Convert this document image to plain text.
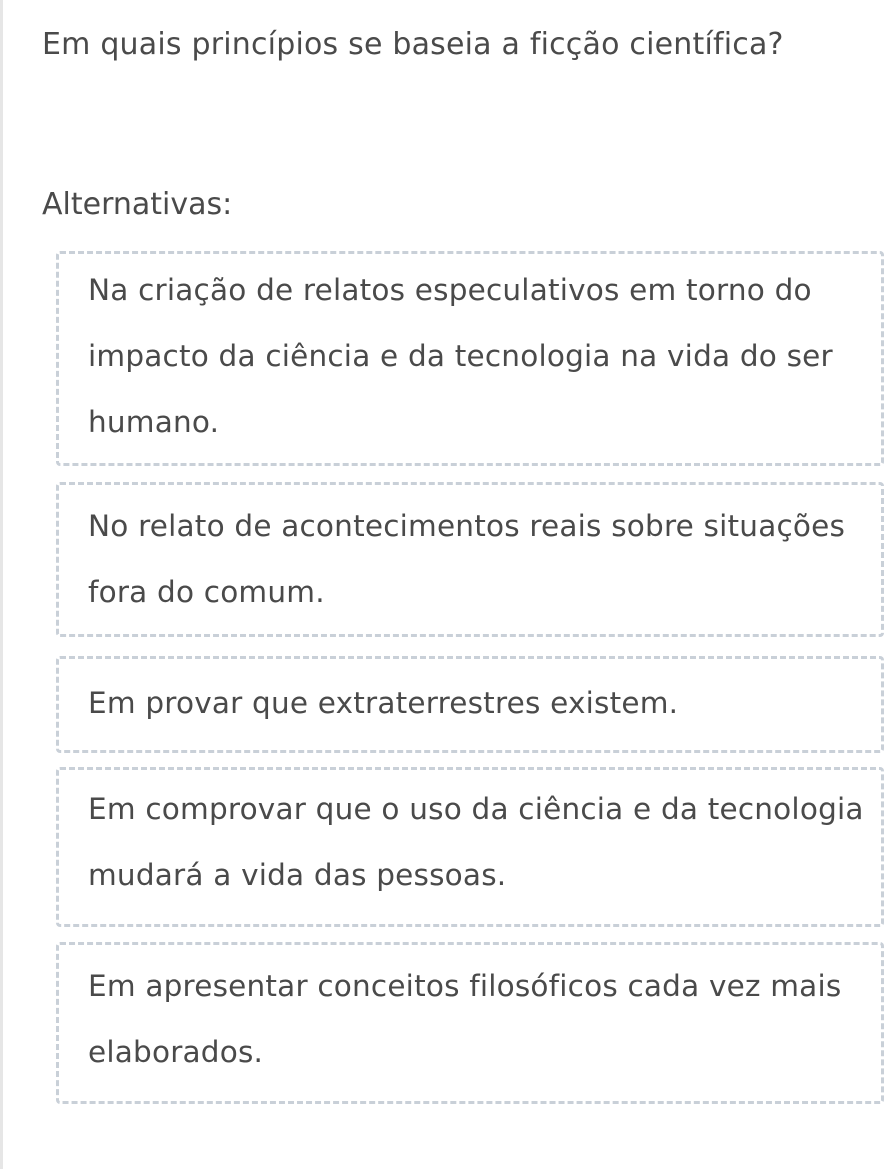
Em quais princípios se baseia a ficção científica?
Alternativas:
Na criação de relatos especulativos em torno do impacto da ciência e da tecnologia na vida do ser humano.
No relato de acontecimentos reais sobre situações fora do comum.
Em provar que extraterrestres existem.
Em comprovar que o uso da ciência e da tecnologia mudará a vida das pessoas.
Em apresentar conceitos filosóficos cada vez mais elaborados.
